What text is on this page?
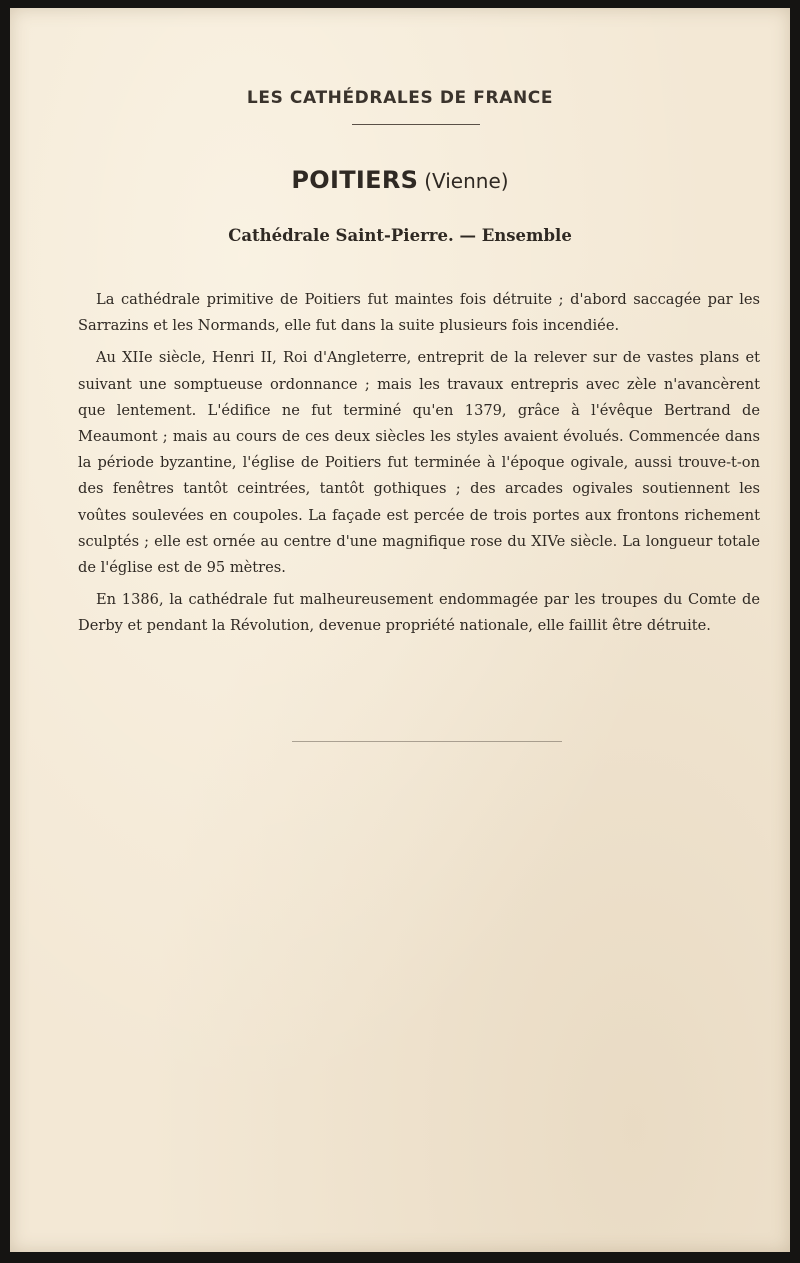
LES CATHÉDRALES DE FRANCE
POITIERS (Vienne)
Cathédrale Saint-Pierre. — Ensemble

La cathédrale primitive de Poitiers fut maintes fois détruite ; d'abord saccagée par les Sarrazins et les Normands, elle fut dans la suite plusieurs fois incendiée.

Au XIIe siècle, Henri II, Roi d'Angleterre, entreprit de la relever sur de vastes plans et suivant une somptueuse ordonnance ; mais les travaux entrepris avec zèle n'avancèrent que lentement. L'édifice ne fut terminé qu'en 1379, grâce à l'évêque Bertrand de Meaumont ; mais au cours de ces deux siècles les styles avaient évolués. Commencée dans la période byzantine, l'église de Poitiers fut terminée à l'époque ogivale, aussi trouve-t-on des fenêtres tantôt ceintrées, tantôt gothiques ; des arcades ogivales soutiennent les voûtes soulevées en coupoles. La façade est percée de trois portes aux frontons richement sculptés ; elle est ornée au centre d'une magnifique rose du XIVe siècle. La longueur totale de l'église est de 95 mètres.

En 1386, la cathédrale fut malheureusement endommagée par les troupes du Comte de Derby et pendant la Révolution, devenue propriété nationale, elle faillit être détruite.
